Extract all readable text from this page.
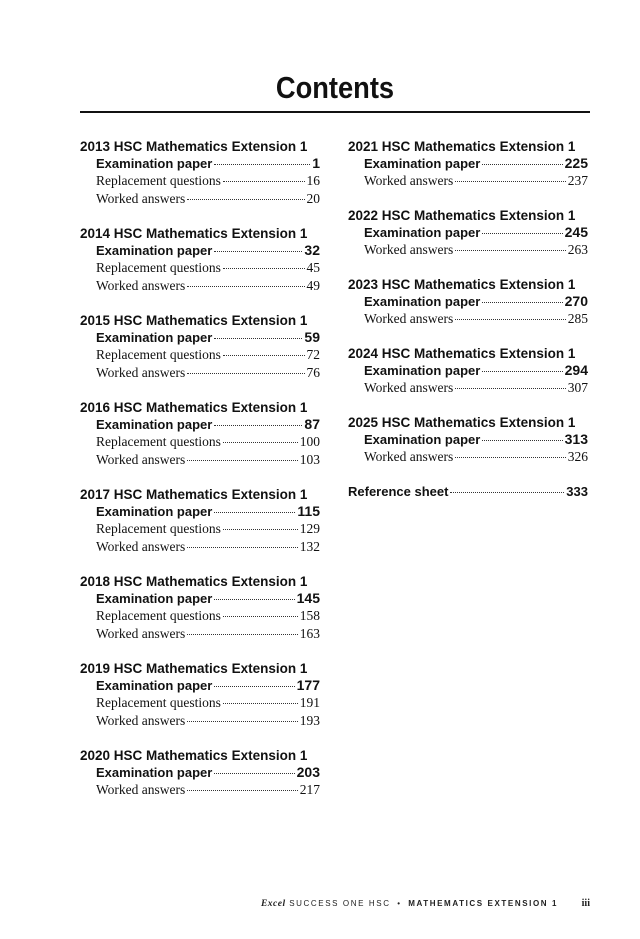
Contents
2013 HSC Mathematics Extension 1
Examination paper	1
Replacement questions	16
Worked answers	20
2014 HSC Mathematics Extension 1
Examination paper	32
Replacement questions	45
Worked answers	49
2015 HSC Mathematics Extension 1
Examination paper	59
Replacement questions	72
Worked answers	76
2016 HSC Mathematics Extension 1
Examination paper	87
Replacement questions	100
Worked answers	103
2017 HSC Mathematics Extension 1
Examination paper	115
Replacement questions	129
Worked answers	132
2018 HSC Mathematics Extension 1
Examination paper	145
Replacement questions	158
Worked answers	163
2019 HSC Mathematics Extension 1
Examination paper	177
Replacement questions	191
Worked answers	193
2020 HSC Mathematics Extension 1
Examination paper	203
Worked answers	217
2021 HSC Mathematics Extension 1
Examination paper	225
Worked answers	237
2022 HSC Mathematics Extension 1
Examination paper	245
Worked answers	263
2023 HSC Mathematics Extension 1
Examination paper	270
Worked answers	285
2024 HSC Mathematics Extension 1
Examination paper	294
Worked answers	307
2025 HSC Mathematics Extension 1
Examination paper	313
Worked answers	326
Reference sheet	333
Excel SUCCESS ONE HSC • MATHEMATICS EXTENSION 1 iii
